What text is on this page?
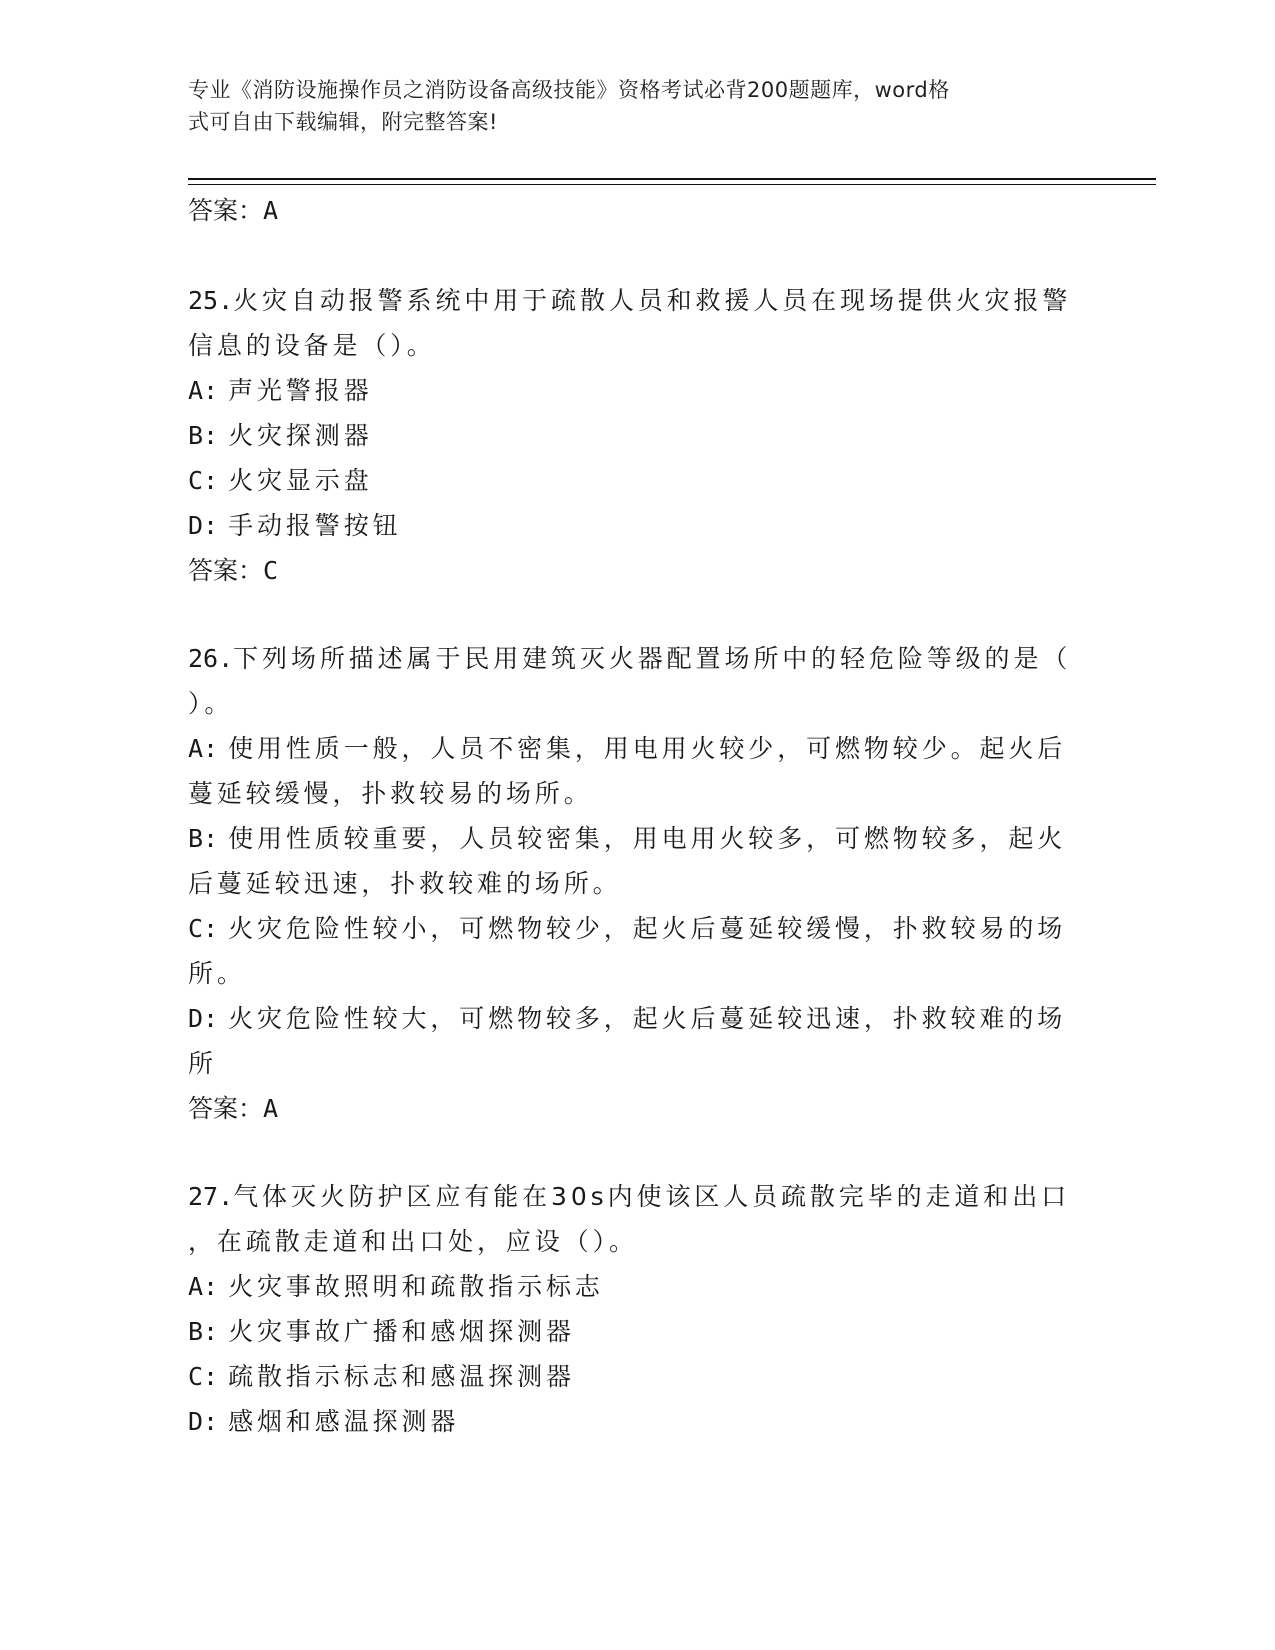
专业《消防设施操作员之消防设备高级技能》资格考试必背200题题库，word格
式可自由下载编辑，附完整答案!
答案：A

25.火灾自动报警系统中用于疏散人员和救援人员在现场提供火灾报警

信息的设备是（）。

A: 声光警报器

B: 火灾探测器

C: 火灾显示盘

D: 手动报警按钮

答案：C

26.下列场所描述属于民用建筑灭火器配置场所中的轻危险等级的是（

）。

A: 使用性质一般，人员不密集，用电用火较少，可燃物较少。起火后

蔓延较缓慢，扑救较易的场所。

B: 使用性质较重要，人员较密集，用电用火较多，可燃物较多，起火

后蔓延较迅速，扑救较难的场所。

C: 火灾危险性较小，可燃物较少，起火后蔓延较缓慢，扑救较易的场

所。

D: 火灾危险性较大，可燃物较多，起火后蔓延较迅速，扑救较难的场

所

答案：A

27.气体灭火防护区应有能在30s内使该区人员疏散完毕的走道和出口

，在疏散走道和出口处，应设（）。

A: 火灾事故照明和疏散指示标志

B: 火灾事故广播和感烟探测器

C: 疏散指示标志和感温探测器

D: 感烟和感温探测器
